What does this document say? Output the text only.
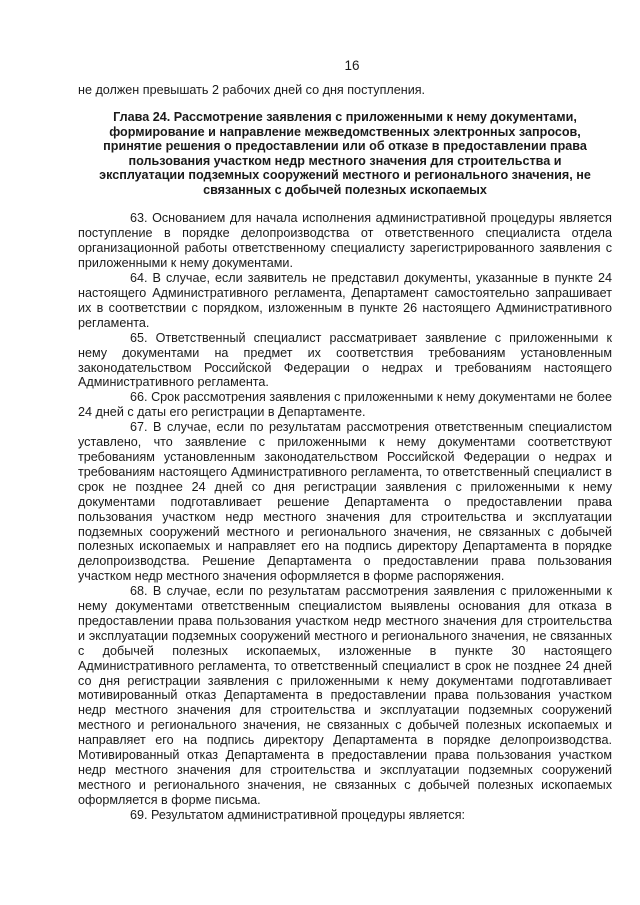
16

не должен превышать 2 рабочих дней со дня поступления.

Глава 24. Рассмотрение заявления с приложенными к нему документами, формирование и направление межведомственных электронных запросов, принятие решения о предоставлении или об отказе в предоставлении права пользования участком недр местного значения для строительства и эксплуатации подземных сооружений местного и регионального значения, не связанных с добычей полезных ископаемых

63. Основанием для начала исполнения административной процедуры является поступление в порядке делопроизводства от ответственного специалиста отдела организационной работы ответственному специалисту зарегистрированного заявления с приложенными к нему документами.

64. В случае, если заявитель не представил документы, указанные в пункте 24 настоящего Административного регламента, Департамент самостоятельно запрашивает их в соответствии с порядком, изложенным в пункте 26 настоящего Административного регламента.

65. Ответственный специалист рассматривает заявление с приложенными к нему документами на предмет их соответствия требованиям установленным законодательством Российской Федерации о недрах и требованиям настоящего Административного регламента.

66. Срок рассмотрения заявления с приложенными к нему документами не более 24 дней с даты его регистрации в Департаменте.

67. В случае, если по результатам рассмотрения ответственным специалистом уставлено, что заявление с приложенными к нему документами соответствуют требованиям установленным законодательством Российской Федерации о недрах и требованиям настоящего Административного регламента, то ответственный специалист в срок не позднее 24 дней со дня регистрации заявления с приложенными к нему документами подготавливает решение Департамента о предоставлении права пользования участком недр местного значения для строительства и эксплуатации подземных сооружений местного и регионального значения, не связанных с добычей полезных ископаемых и направляет его на подпись директору Департамента в порядке делопроизводства. Решение Департамента о предоставлении права пользования участком недр местного значения оформляется в форме распоряжения.

68. В случае, если по результатам рассмотрения заявления с приложенными к нему документами ответственным специалистом выявлены основания для отказа в предоставлении права пользования участком недр местного значения для строительства и эксплуатации подземных сооружений местного и регионального значения, не связанных с добычей полезных ископаемых, изложенные в пункте 30 настоящего Административного регламента, то ответственный специалист в срок не позднее 24 дней со дня регистрации заявления с приложенными к нему документами подготавливает мотивированный отказ Департамента в предоставлении права пользования участком недр местного значения для строительства и эксплуатации подземных сооружений местного и регионального значения, не связанных с добычей полезных ископаемых и направляет его на подпись директору Департамента в порядке делопроизводства. Мотивированный отказ Департамента в предоставлении права пользования участком недр местного значения для строительства и эксплуатации подземных сооружений местного и регионального значения, не связанных с добычей полезных ископаемых оформляется в форме письма.

69. Результатом административной процедуры является:
